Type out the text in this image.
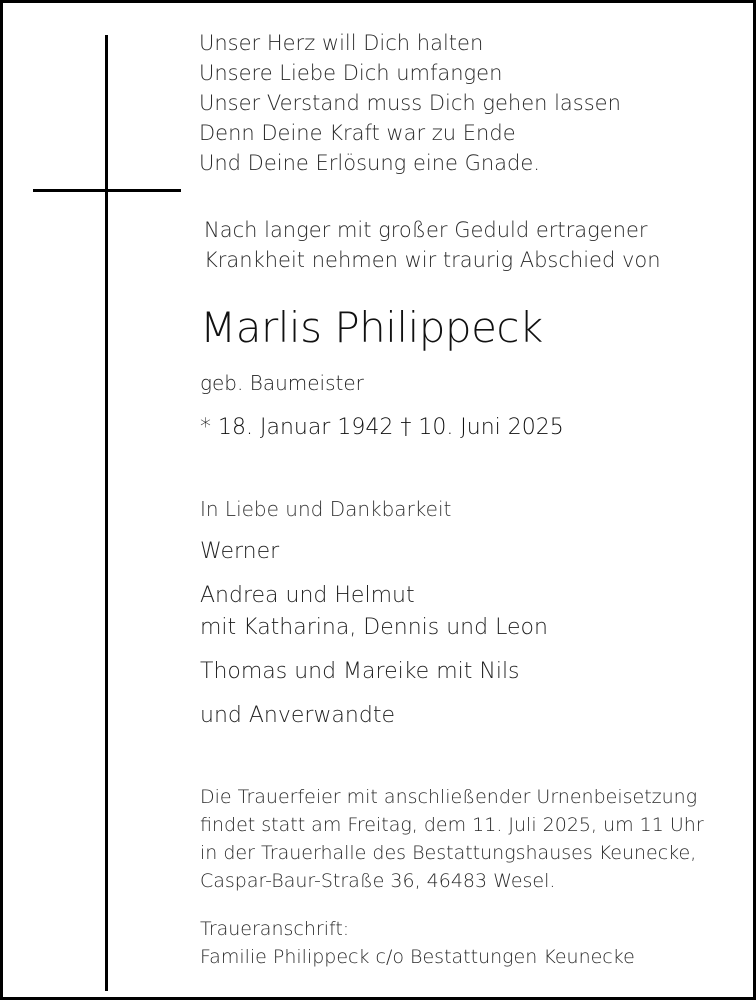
Unser Herz will Dich halten
Unsere Liebe Dich umfangen
Unser Verstand muss Dich gehen lassen
Denn Deine Kraft war zu Ende
Und Deine Erlösung eine Gnade.
Nach langer mit großer Geduld ertragener
Krankheit nehmen wir traurig Abschied von
Marlis Philippeck
geb. Baumeister
* 18. Januar 1942 † 10. Juni 2025
In Liebe und Dankbarkeit
Werner
Andrea und Helmut
mit Katharina, Dennis und Leon
Thomas und Mareike mit Nils
und Anverwandte
Die Trauerfeier mit anschließender Urnenbeisetzung
findet statt am Freitag, dem 11. Juli 2025, um 11 Uhr
in der Trauerhalle des Bestattungshauses Keunecke,
Caspar-Baur-Straße 36, 46483 Wesel.
Traueranschrift:
Familie Philippeck c/o Bestattungen Keunecke
